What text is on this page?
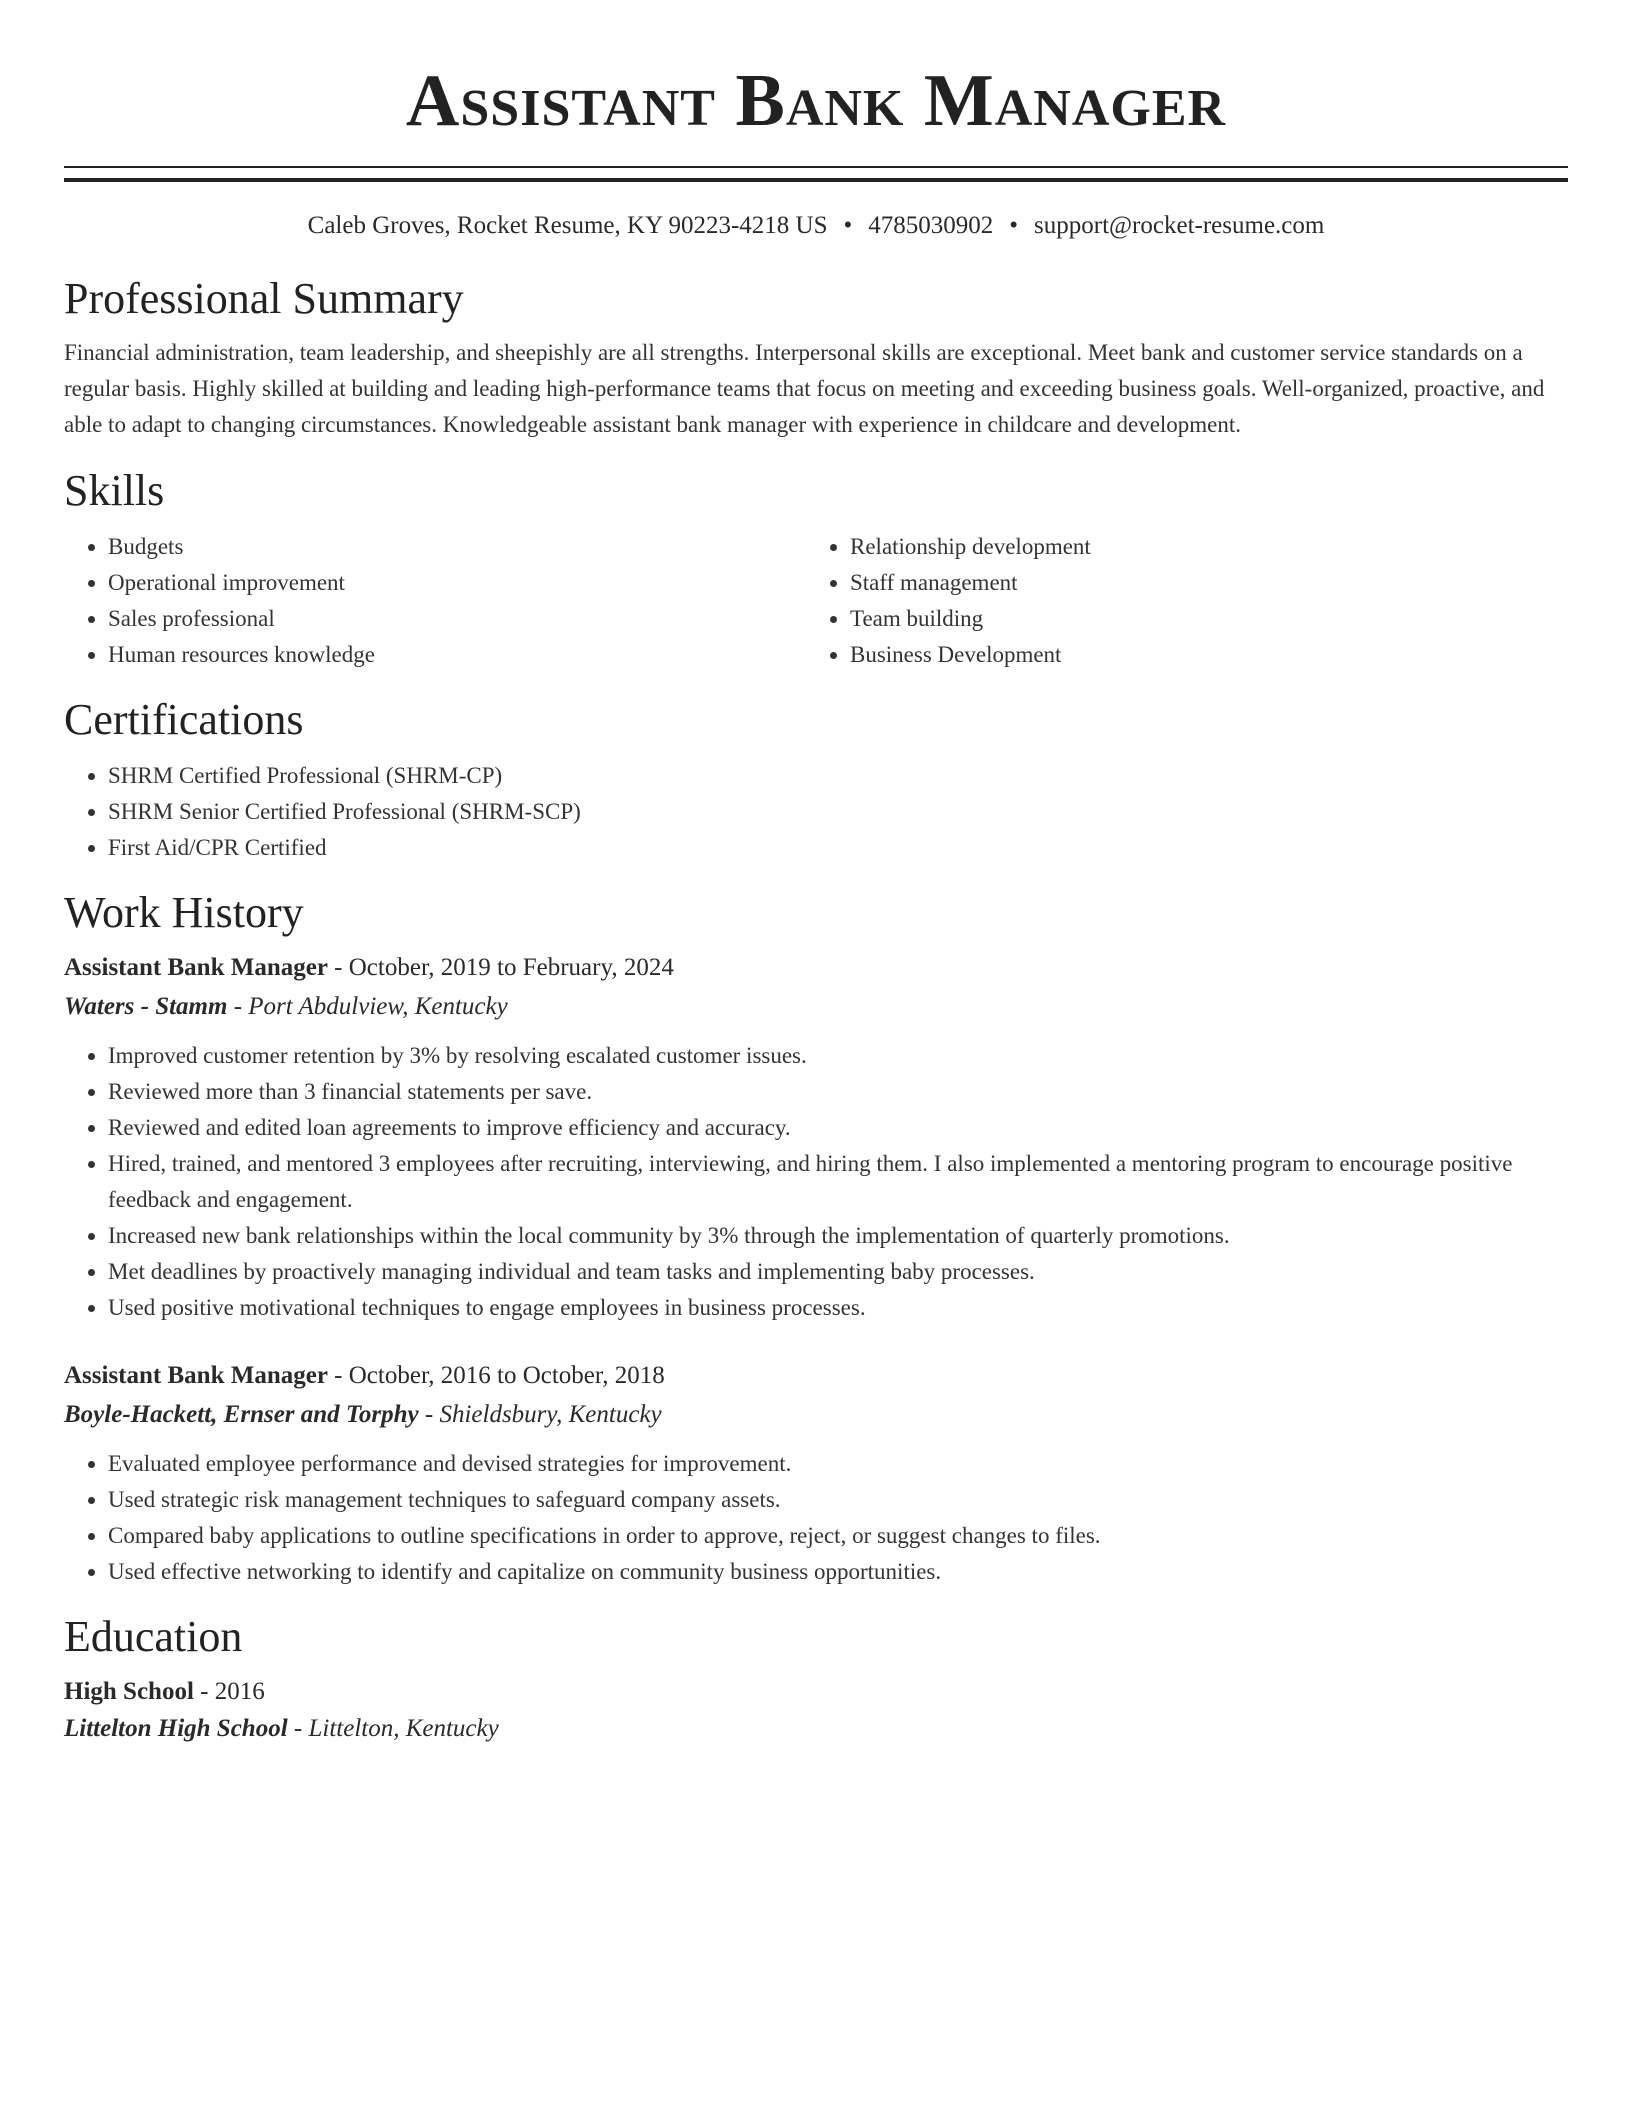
Assistant Bank Manager
Caleb Groves, Rocket Resume, KY 90223-4218 US • 4785030902 • support@rocket-resume.com
Professional Summary

Financial administration, team leadership, and sheepishly are all strengths. Interpersonal skills are exceptional. Meet bank and customer service standards on a regular basis. Highly skilled at building and leading high-performance teams that focus on meeting and exceeding business goals. Well-organized, proactive, and able to adapt to changing circumstances. Knowledgeable assistant bank manager with experience in childcare and development.

Skills
• Budgets
• Operational improvement
• Sales professional
• Human resources knowledge
• Relationship development
• Staff management
• Team building
• Business Development
Certifications
• SHRM Certified Professional (SHRM-CP)
• SHRM Senior Certified Professional (SHRM-SCP)
• First Aid/CPR Certified
Work History
Assistant Bank Manager - October, 2019 to February, 2024
Waters - Stamm - Port Abdulview, Kentucky
• Improved customer retention by 3% by resolving escalated customer issues.
• Reviewed more than 3 financial statements per save.
• Reviewed and edited loan agreements to improve efficiency and accuracy.
• Hired, trained, and mentored 3 employees after recruiting, interviewing, and hiring them. I also implemented a mentoring program to encourage positive feedback and engagement.
• Increased new bank relationships within the local community by 3% through the implementation of quarterly promotions.
• Met deadlines by proactively managing individual and team tasks and implementing baby processes.
• Used positive motivational techniques to engage employees in business processes.
Assistant Bank Manager - October, 2016 to October, 2018
Boyle-Hackett, Ernser and Torphy - Shieldsbury, Kentucky
• Evaluated employee performance and devised strategies for improvement.
• Used strategic risk management techniques to safeguard company assets.
• Compared baby applications to outline specifications in order to approve, reject, or suggest changes to files.
• Used effective networking to identify and capitalize on community business opportunities.
Education
High School - 2016
Littelton High School - Littelton, Kentucky
